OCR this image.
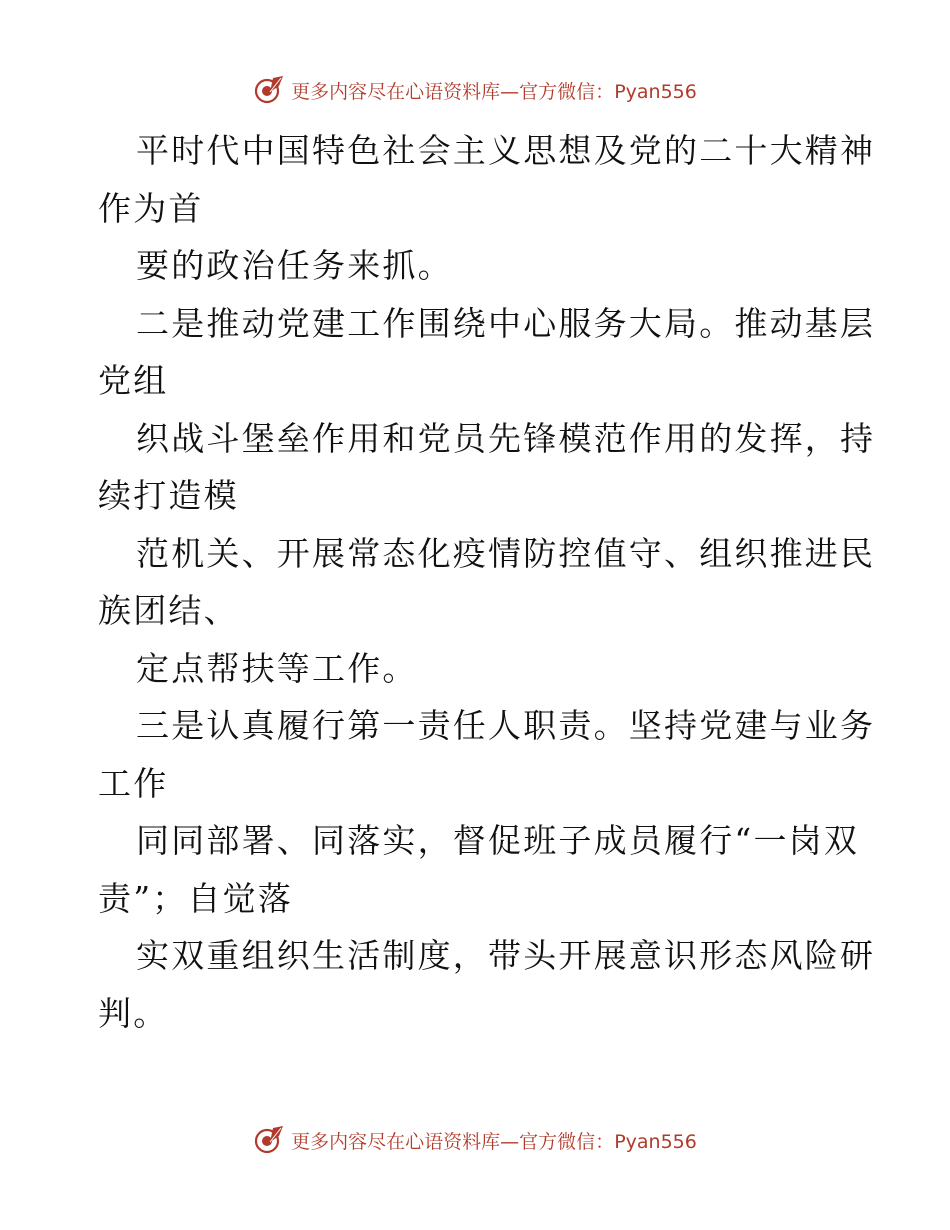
更多内容尽在心语资料库—官方微信：Pyan556

平时代中国特色社会主义思想及党的二十大精神

作为首

要的政治任务来抓。

二是推动党建工作围绕中心服务大局。推动基层

党组

织战斗堡垒作用和党员先锋模范作用的发挥，持

续打造模

范机关、开展常态化疫情防控值守、组织推进民

族团结、

定点帮扶等工作。

三是认真履行第一责任人职责。坚持党建与业务

工作

同同部署、同落实，督促班子成员履行“一岗双

责”；自觉落

实双重组织生活制度，带头开展意识形态风险研

判。

更多内容尽在心语资料库—官方微信：Pyan556
